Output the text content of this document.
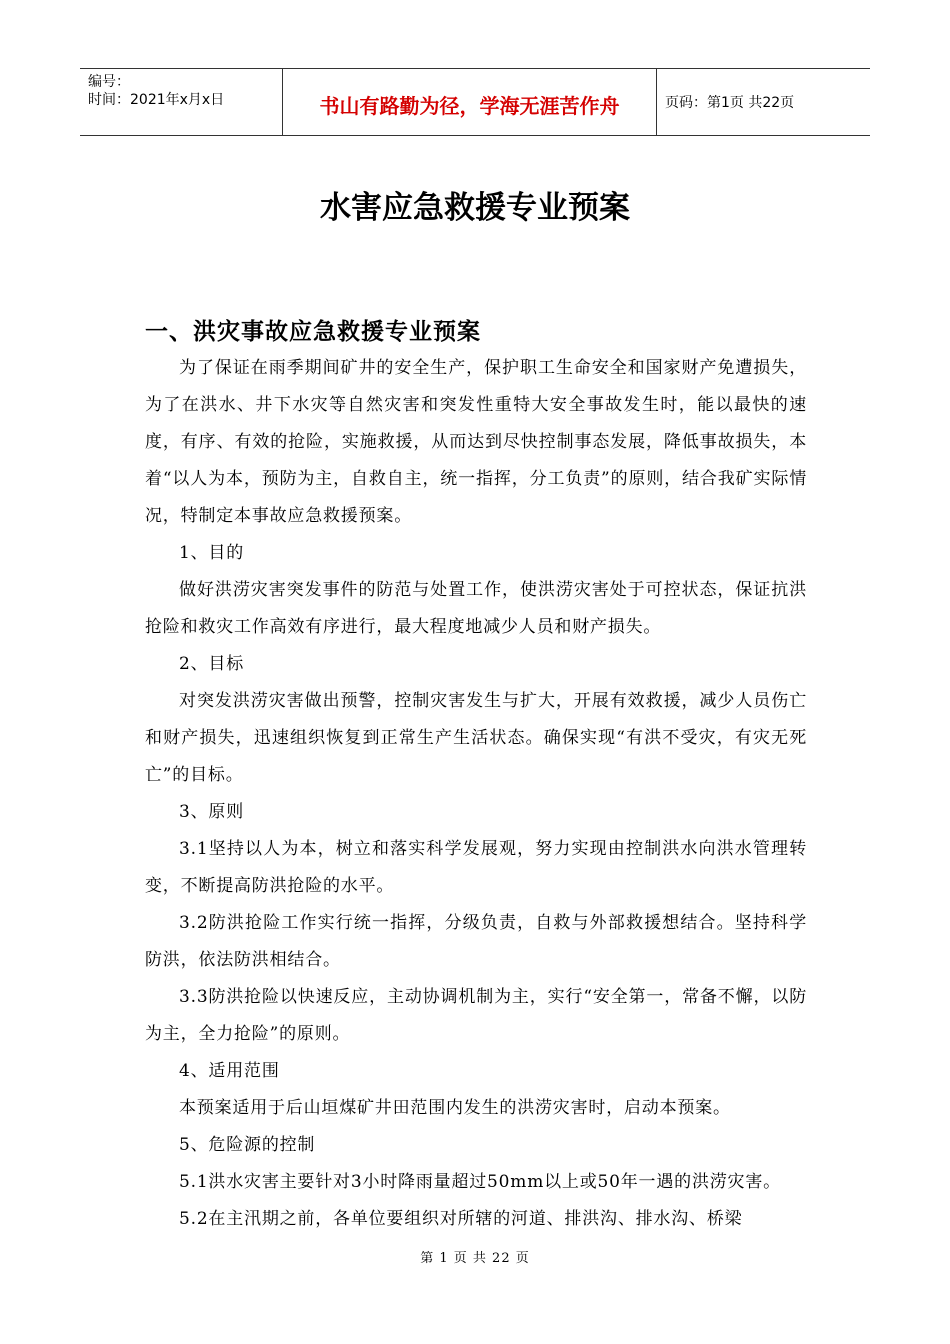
编号：
时间：2021年x月x日	书山有路勤为径，学海无涯苦作舟	页码：第1页 共22页
水害应急救援专业预案
一、洪灾事故应急救援专业预案

为了保证在雨季期间矿井的安全生产，保护职工生命安全和国家财产免遭损失，为了在洪水、井下水灾等自然灾害和突发性重特大安全事故发生时，能以最快的速度，有序、有效的抢险，实施救援，从而达到尽快控制事态发展，降低事故损失，本着“以人为本，预防为主，自救自主，统一指挥，分工负责”的原则，结合我矿实际情况，特制定本事故应急救援预案。

1、目的

做好洪涝灾害突发事件的防范与处置工作，使洪涝灾害处于可控状态，保证抗洪抢险和救灾工作高效有序进行，最大程度地减少人员和财产损失。

2、目标

对突发洪涝灾害做出预警，控制灾害发生与扩大，开展有效救援，减少人员伤亡和财产损失，迅速组织恢复到正常生产生活状态。确保实现“有洪不受灾，有灾无死亡”的目标。

3、原则

3.1坚持以人为本，树立和落实科学发展观，努力实现由控制洪水向洪水管理转变，不断提高防洪抢险的水平。

3.2防洪抢险工作实行统一指挥，分级负责，自救与外部救援想结合。坚持科学防洪，依法防洪相结合。

3.3防洪抢险以快速反应，主动协调机制为主，实行“安全第一，常备不懈，以防为主，全力抢险”的原则。

4、适用范围

本预案适用于后山垣煤矿井田范围内发生的洪涝灾害时，启动本预案。

5、危险源的控制

5.1洪水灾害主要针对3小时降雨量超过50mm以上或50年一遇的洪涝灾害。

5.2在主汛期之前，各单位要组织对所辖的河道、排洪沟、排水沟、桥梁

第 1 页 共 22 页
